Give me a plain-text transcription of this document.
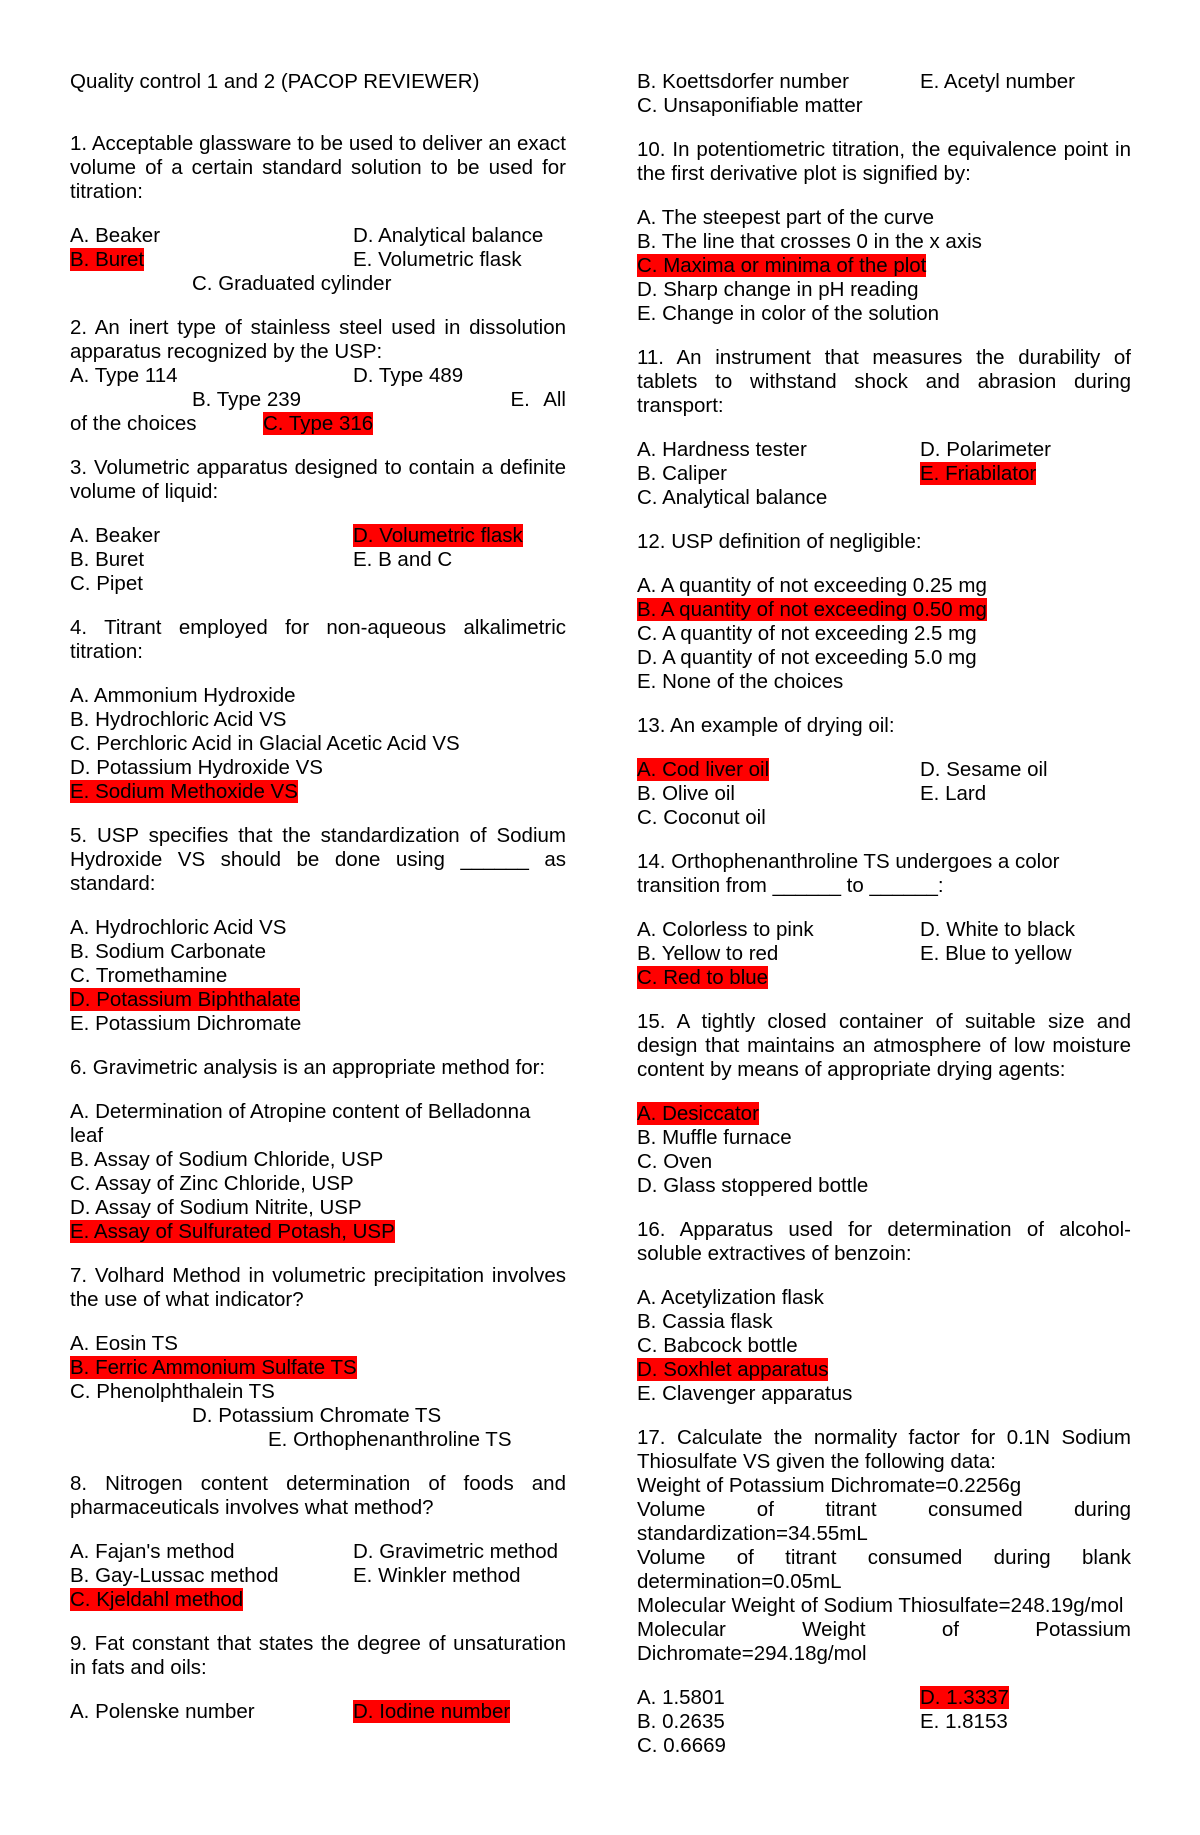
Quality control 1 and 2 (PACOP REVIEWER)
1. Acceptable glassware to be used to deliver an exact volume of a certain standard solution to be used for titration:
A. Beaker	D. Analytical balance
B. Buret	E. Volumetric flask
C. Graduated cylinder
2. An inert type of stainless steel used in dissolution apparatus recognized by the USP:
A. Type 114	D. Type 489
B. Type 239	E. All
of the choices	C. Type 316
3. Volumetric apparatus designed to contain a definite volume of liquid:
A. Beaker	D. Volumetric flask
B. Buret	E. B and C
C. Pipet
4. Titrant employed for non-aqueous alkalimetric titration:
A. Ammonium Hydroxide
B. Hydrochloric Acid VS
C. Perchloric Acid in Glacial Acetic Acid VS
D. Potassium Hydroxide VS
E. Sodium Methoxide VS
5. USP specifies that the standardization of Sodium Hydroxide VS should be done using ______ as standard:
A. Hydrochloric Acid VS
B. Sodium Carbonate
C. Tromethamine
D. Potassium Biphthalate
E. Potassium Dichromate
6. Gravimetric analysis is an appropriate method for:
A. Determination of Atropine content of Belladonna
leaf
B. Assay of Sodium Chloride, USP
C. Assay of Zinc Chloride, USP
D. Assay of Sodium Nitrite, USP
E. Assay of Sulfurated Potash, USP
7. Volhard Method in volumetric precipitation involves the use of what indicator?
A. Eosin TS
B. Ferric Ammonium Sulfate TS
C. Phenolphthalein TS
D. Potassium Chromate TS
E. Orthophenanthroline TS
8. Nitrogen content determination of foods and pharmaceuticals involves what method?
A. Fajan's method	D. Gravimetric method
B. Gay-Lussac method	E. Winkler method
C. Kjeldahl method
9. Fat constant that states the degree of unsaturation in fats and oils:
A. Polenske number	D. Iodine number
B. Koettsdorfer number	E. Acetyl number
C. Unsaponifiable matter
10. In potentiometric titration, the equivalence point in the first derivative plot is signified by:
A. The steepest part of the curve
B. The line that crosses 0 in the x axis
C. Maxima or minima of the plot
D. Sharp change in pH reading
E. Change in color of the solution
11. An instrument that measures the durability of tablets to withstand shock and abrasion during transport:
A. Hardness tester	D. Polarimeter
B. Caliper	E. Friabilator
C. Analytical balance
12. USP definition of negligible:
A. A quantity of not exceeding 0.25 mg
B. A quantity of not exceeding 0.50 mg
C. A quantity of not exceeding 2.5 mg
D. A quantity of not exceeding 5.0 mg
E. None of the choices
13. An example of drying oil:
A. Cod liver oil	D. Sesame oil
B. Olive oil	E. Lard
C. Coconut oil
14. Orthophenanthroline TS undergoes a color transition from ______ to ______:
A. Colorless to pink	D. White to black
B. Yellow to red	E. Blue to yellow
C. Red to blue
15. A tightly closed container of suitable size and design that maintains an atmosphere of low moisture content by means of appropriate drying agents:
A. Desiccator
B. Muffle furnace
C. Oven
D. Glass stoppered bottle
16. Apparatus used for determination of alcohol-soluble extractives of benzoin:
A. Acetylization flask
B. Cassia flask
C. Babcock bottle
D. Soxhlet apparatus
E. Clavenger apparatus

17. Calculate the normality factor for 0.1N Sodium Thiosulfate VS given the following data:

Weight of Potassium Dichromate=0.2256g

Volume of titrant consumed during standardization=34.55mL

Volume of titrant consumed during blank determination=0.05mL

Molecular Weight of Sodium Thiosulfate=248.19g/mol

Molecular Weight of Potassium Dichromate=294.18g/mol

A. 1.5801	D. 1.3337
B. 0.2635	E. 1.8153
C. 0.6669
